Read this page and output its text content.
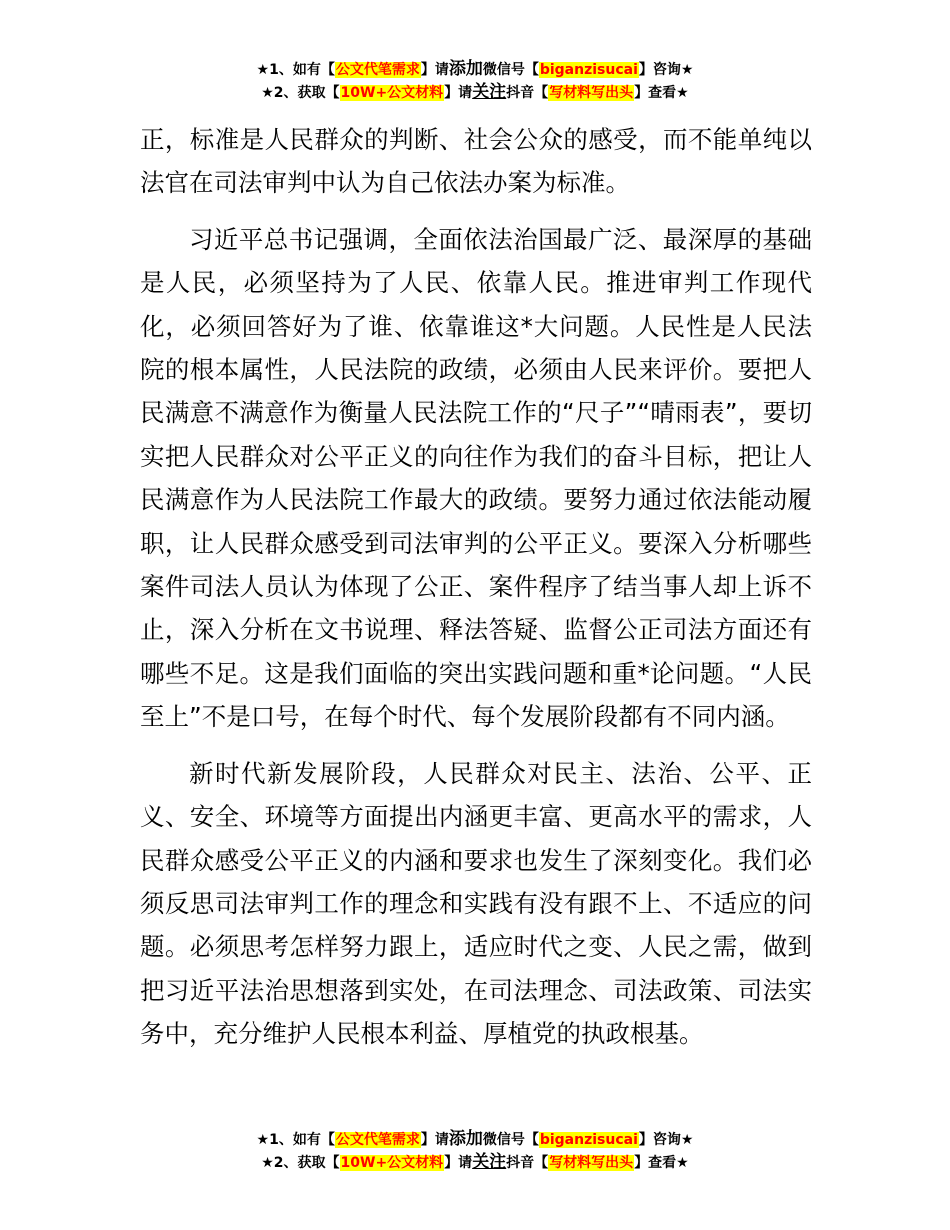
★1、如有【公文代笔需求】请添加微信号【biganzisucai】咨询★
★2、获取【10W+公文材料】请关注抖音【写材料写出头】查看★

正，标准是人民群众的判断、社会公众的感受，而不能单纯以法官在司法审判中认为自己依法办案为标准。

习近平总书记强调，全面依法治国最广泛、最深厚的基础是人民，必须坚持为了人民、依靠人民。推进审判工作现代化，必须回答好为了谁、依靠谁这*大问题。人民性是人民法院的根本属性，人民法院的政绩，必须由人民来评价。要把人民满意不满意作为衡量人民法院工作的“尺子”“晴雨表”，要切实把人民群众对公平正义的向往作为我们的奋斗目标，把让人民满意作为人民法院工作最大的政绩。要努力通过依法能动履职，让人民群众感受到司法审判的公平正义。要深入分析哪些案件司法人员认为体现了公正、案件程序了结当事人却上诉不止，深入分析在文书说理、释法答疑、监督公正司法方面还有哪些不足。这是我们面临的突出实践问题和重*论问题。“人民至上”不是口号，在每个时代、每个发展阶段都有不同内涵。

新时代新发展阶段，人民群众对民主、法治、公平、正义、安全、环境等方面提出内涵更丰富、更高水平的需求，人民群众感受公平正义的内涵和要求也发生了深刻变化。我们必须反思司法审判工作的理念和实践有没有跟不上、不适应的问题。必须思考怎样努力跟上，适应时代之变、人民之需，做到把习近平法治思想落到实处，在司法理念、司法政策、司法实务中，充分维护人民根本利益、厚植党的执政根基。

★1、如有【公文代笔需求】请添加微信号【biganzisucai】咨询★
★2、获取【10W+公文材料】请关注抖音【写材料写出头】查看★
